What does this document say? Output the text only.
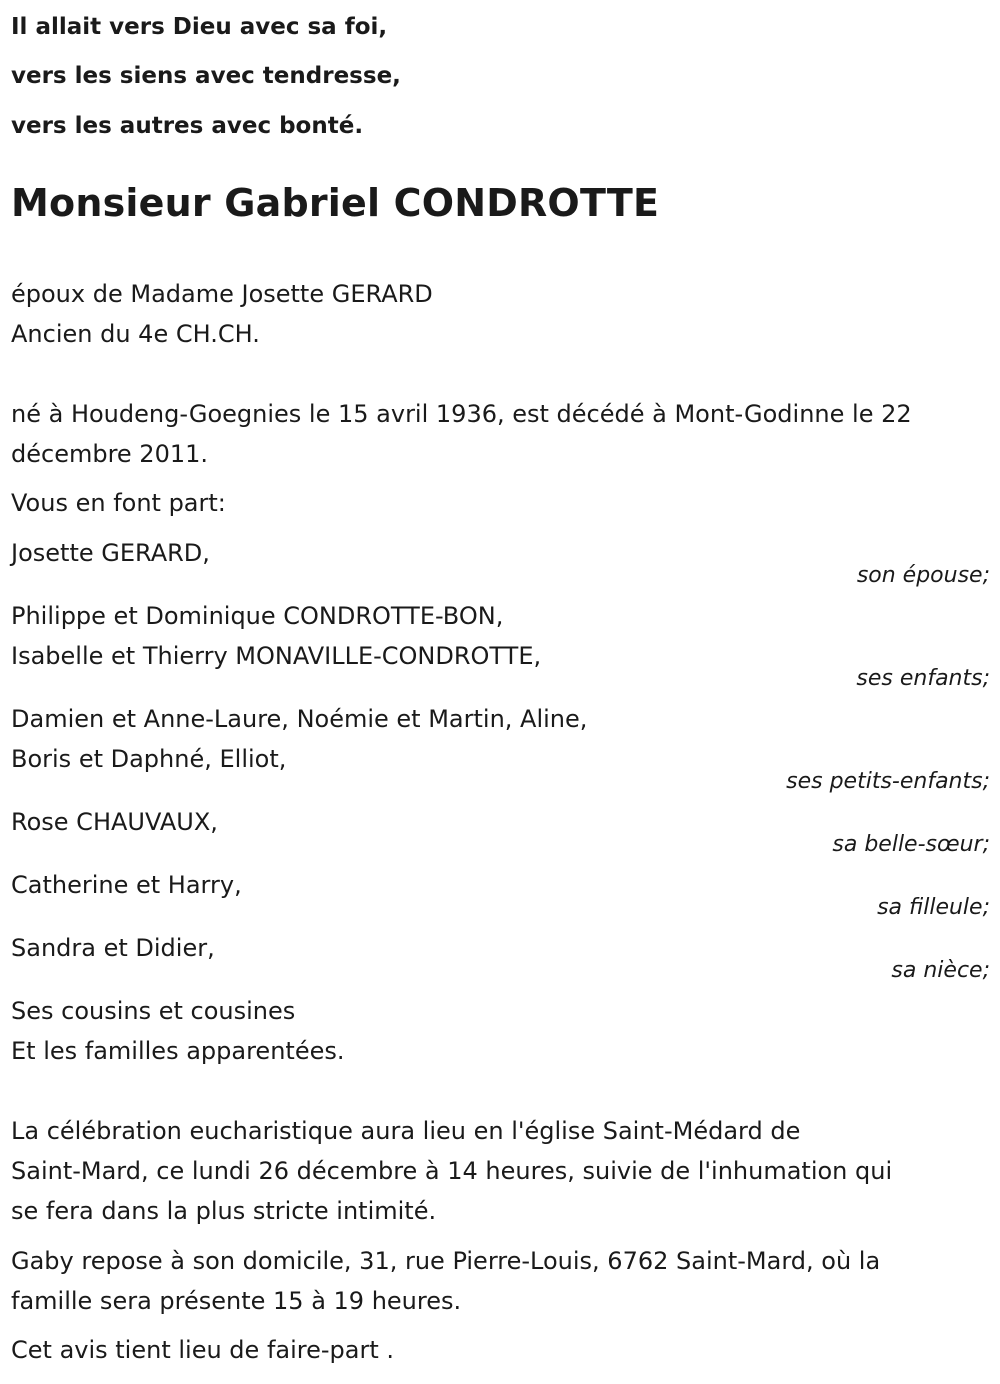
Il allait vers Dieu avec sa foi,
vers les siens avec tendresse,
vers les autres avec bonté.
Monsieur Gabriel CONDROTTE
époux de Madame Josette GERARD
Ancien du 4e CH.CH.
né à Houdeng-Goegnies le 15 avril 1936, est décédé à Mont-Godinne le 22
décembre 2011.
Vous en font part:
Josette GERARD,
son épouse;
Philippe et Dominique CONDROTTE-BON,
Isabelle et Thierry MONAVILLE-CONDROTTE,
ses enfants;
Damien et Anne-Laure, Noémie et Martin, Aline,
Boris et Daphné, Elliot,
ses petits-enfants;
Rose CHAUVAUX,
sa belle-sœur;
Catherine et Harry,
sa filleule;
Sandra et Didier,
sa nièce;
Ses cousins et cousines
Et les familles apparentées.
La célébration eucharistique aura lieu en l'église Saint-Médard de
Saint-Mard, ce lundi 26 décembre à 14 heures, suivie de l'inhumation qui
se fera dans la plus stricte intimité.
Gaby repose à son domicile, 31, rue Pierre-Louis, 6762 Saint-Mard, où la
famille sera présente 15 à 19 heures.
Cet avis tient lieu de faire-part .
